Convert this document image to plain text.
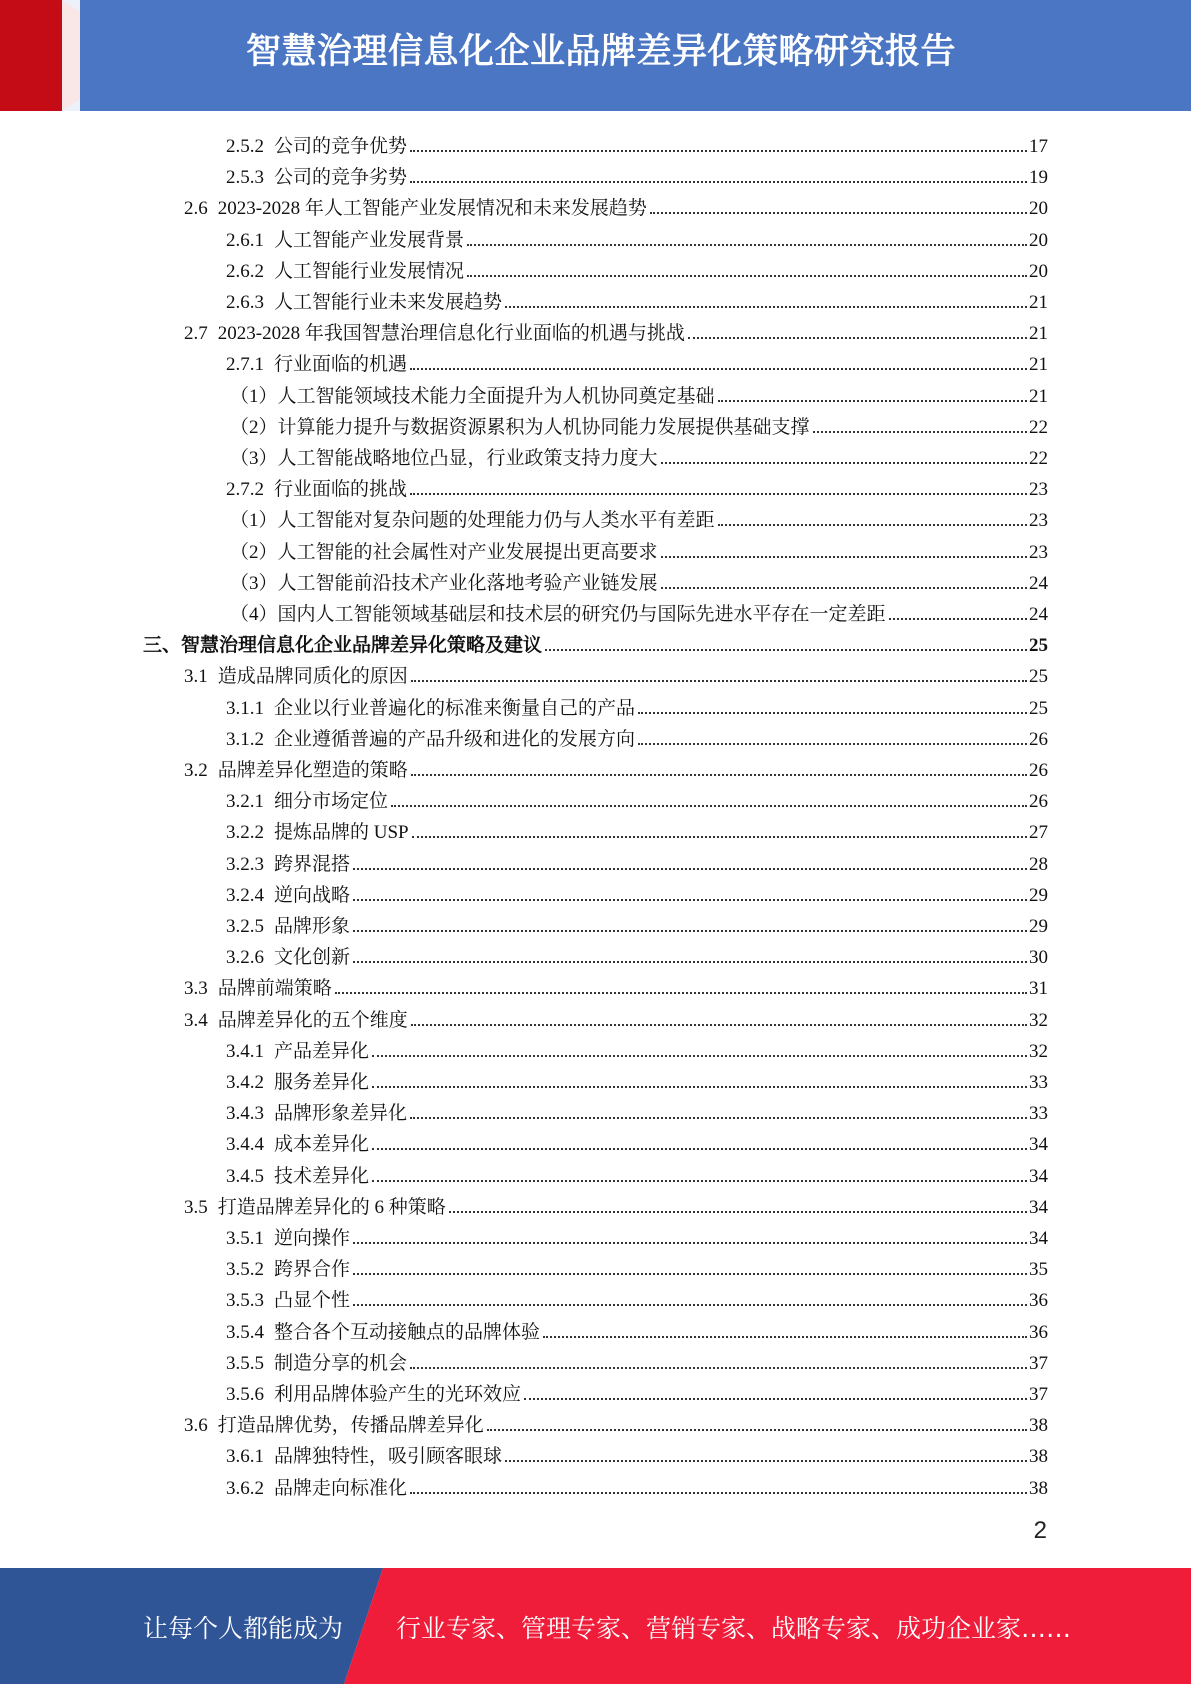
智慧治理信息化企业品牌差异化策略研究报告
2.5.2 公司的竞争优势	17
2.5.3 公司的竞争劣势	19
2.6 2023-2028 年人工智能产业发展情况和未来发展趋势	20
2.6.1 人工智能产业发展背景	20
2.6.2 人工智能行业发展情况	20
2.6.3 人工智能行业未来发展趋势	21
2.7 2023-2028 年我国智慧治理信息化行业面临的机遇与挑战	21
2.7.1 行业面临的机遇	21
（1）人工智能领域技术能力全面提升为人机协同奠定基础	21
（2）计算能力提升与数据资源累积为人机协同能力发展提供基础支撑	22
（3）人工智能战略地位凸显，行业政策支持力度大	22
2.7.2 行业面临的挑战	23
（1）人工智能对复杂问题的处理能力仍与人类水平有差距	23
（2）人工智能的社会属性对产业发展提出更高要求	23
（3）人工智能前沿技术产业化落地考验产业链发展	24
（4）国内人工智能领域基础层和技术层的研究仍与国际先进水平存在一定差距	24
三、智慧治理信息化企业品牌差异化策略及建议	25
3.1 造成品牌同质化的原因	25
3.1.1 企业以行业普遍化的标准来衡量自己的产品	25
3.1.2 企业遵循普遍的产品升级和进化的发展方向	26
3.2 品牌差异化塑造的策略	26
3.2.1 细分市场定位	26
3.2.2 提炼品牌的 USP	27
3.2.3 跨界混搭	28
3.2.4 逆向战略	29
3.2.5 品牌形象	29
3.2.6 文化创新	30
3.3 品牌前端策略	31
3.4 品牌差异化的五个维度	32
3.4.1 产品差异化	32
3.4.2 服务差异化	33
3.4.3 品牌形象差异化	33
3.4.4 成本差异化	34
3.4.5 技术差异化	34
3.5 打造品牌差异化的 6 种策略	34
3.5.1 逆向操作	34
3.5.2 跨界合作	35
3.5.3 凸显个性	36
3.5.4 整合各个互动接触点的品牌体验	36
3.5.5 制造分享的机会	37
3.5.6 利用品牌体验产生的光环效应	37
3.6 打造品牌优势，传播品牌差异化	38
3.6.1 品牌独特性，吸引顾客眼球	38
3.6.2 品牌走向标准化	38
2
让每个人都能成为 行业专家、管理专家、营销专家、战略专家、成功企业家……
